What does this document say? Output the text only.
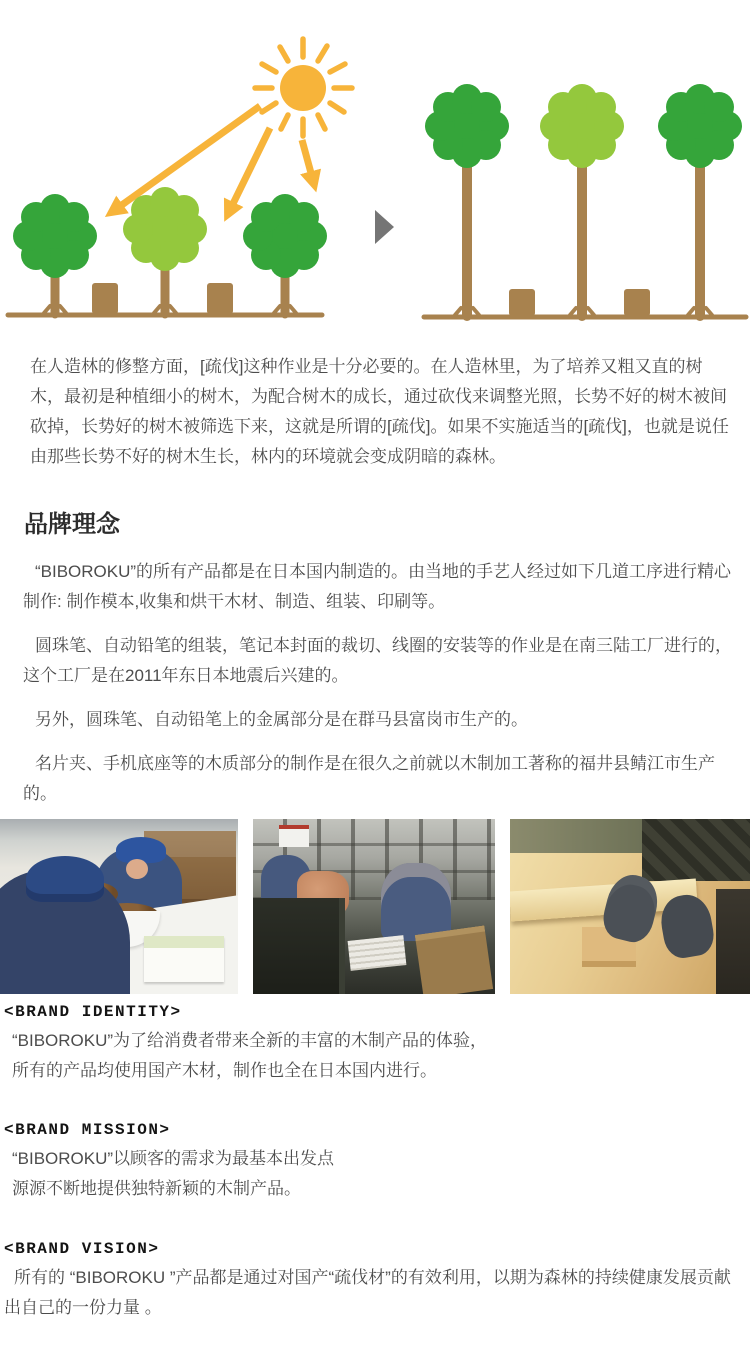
在人造林的修整方面，[疏伐]这种作业是十分必要的。在人造林里，为了培养又粗又直的树木，最初是种植细小的树木，为配合树木的成长，通过砍伐来调整光照，长势不好的树木被间砍掉，长势好的树木被筛选下来，这就是所谓的[疏伐]。如果不实施适当的[疏伐]，也就是说任由那些长势不好的树木生长，林内的环境就会变成阴暗的森林。

品牌理念

“BIBOROKU”的所有产品都是在日本国内制造的。由当地的手艺人经过如下几道工序进行精心制作: 制作模本,收集和烘干木材、制造、组装、印刷等。

圆珠笔、自动铅笔的组装，笔记本封面的裁切、线圈的安装等的作业是在南三陆工厂进行的，这个工厂是在2011年东日本地震后兴建的。

另外，圆珠笔、自动铅笔上的金属部分是在群马县富岗市生产的。

名片夹、手机底座等的木质部分的制作是在很久之前就以木制加工著称的福井县鲭江市生产的。

<BRAND IDENTITY>
“BIBOROKU”为了给消费者带来全新的丰富的木制产品的体验，
所有的产品均使用国产木材，制作也全在日本国内进行。
<BRAND MISSION>
“BIBOROKU”以顾客的需求为最基本出发点
源源不断地提供独特新颖的木制产品。
<BRAND VISION>

所有的 “BIBOROKU ”产品都是通过对国产“疏伐材”的有效利用，以期为森林的持续健康发展贡献出自己的一份力量 。
